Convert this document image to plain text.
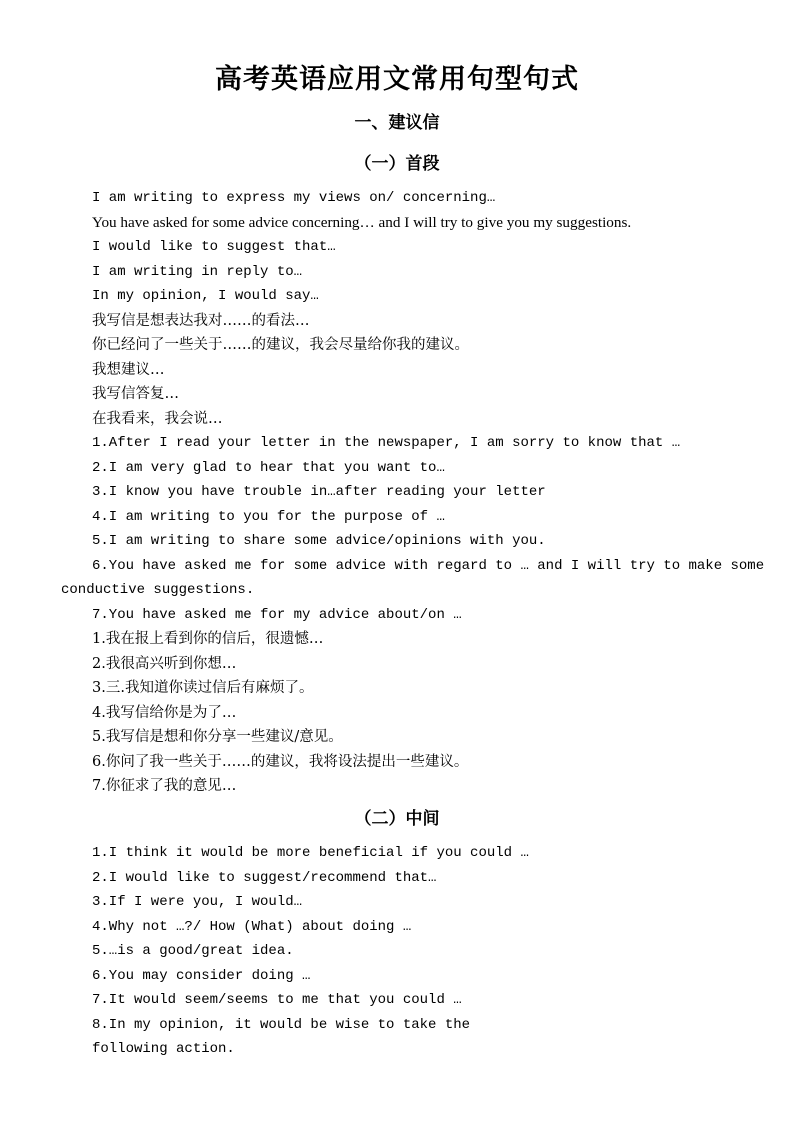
高考英语应用文常用句型句式
一、建议信
（一）首段
I am writing to express my views on/ concerning…
You have asked for some advice concerning… and I will try to give you my suggestions.
I would like to suggest that…
I am writing in reply to…
In my opinion, I would say…
我写信是想表达我对……的看法…
你已经问了一些关于……的建议，我会尽量给你我的建议。
我想建议…
我写信答复…
在我看来，我会说…
1.After I read your letter in the newspaper, I am sorry to know that …
2.I am very glad to hear that you want to…
3.I know you have trouble in…after reading your letter
4.I am writing to you for the purpose of …
5.I am writing to share some advice/opinions with you.
6.You have asked me for some advice with regard to … and I will try to make some
conductive suggestions.
7.You have asked me for my advice about/on …
1.我在报上看到你的信后，很遗憾…
2.我很高兴听到你想…
3.三.我知道你读过信后有麻烦了。
4.我写信给你是为了…
5.我写信是想和你分享一些建议/意见。
6.你问了我一些关于……的建议，我将设法提出一些建议。
7.你征求了我的意见…
（二）中间
1.I think it would be more beneficial if you could …
2.I would like to suggest/recommend that…
3.If I were you, I would…
4.Why not …?/ How (What) about doing …
5.…is a good/great idea.
6.You may consider doing …
7.It would seem/seems to me that you could …
8.In my opinion, it would be wise to take the
following action.
